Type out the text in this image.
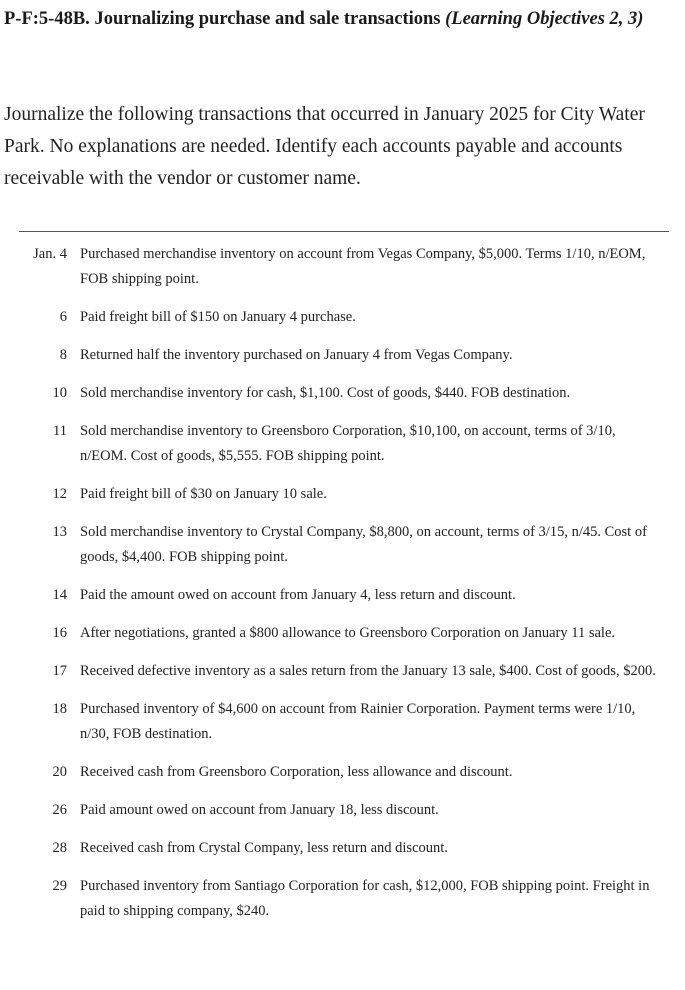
P-F:5-48B. Journalizing purchase and sale transactions (Learning Objectives 2, 3)
Journalize the following transactions that occurred in January 2025 for City Water Park. No explanations are needed. Identify each accounts payable and accounts receivable with the vendor or customer name.
Jan. 4 Purchased merchandise inventory on account from Vegas Company, $5,000. Terms 1/10, n/EOM, FOB shipping point.
6 Paid freight bill of $150 on January 4 purchase.
8 Returned half the inventory purchased on January 4 from Vegas Company.
10 Sold merchandise inventory for cash, $1,100. Cost of goods, $440. FOB destination.
11 Sold merchandise inventory to Greensboro Corporation, $10,100, on account, terms of 3/10, n/EOM. Cost of goods, $5,555. FOB shipping point.
12 Paid freight bill of $30 on January 10 sale.
13 Sold merchandise inventory to Crystal Company, $8,800, on account, terms of 3/15, n/45. Cost of goods, $4,400. FOB shipping point.
14 Paid the amount owed on account from January 4, less return and discount.
16 After negotiations, granted a $800 allowance to Greensboro Corporation on January 11 sale.
17 Received defective inventory as a sales return from the January 13 sale, $400. Cost of goods, $200.
18 Purchased inventory of $4,600 on account from Rainier Corporation. Payment terms were 1/10, n/30, FOB destination.
20 Received cash from Greensboro Corporation, less allowance and discount.
26 Paid amount owed on account from January 18, less discount.
28 Received cash from Crystal Company, less return and discount.
29 Purchased inventory from Santiago Corporation for cash, $12,000, FOB shipping point. Freight in paid to shipping company, $240.
